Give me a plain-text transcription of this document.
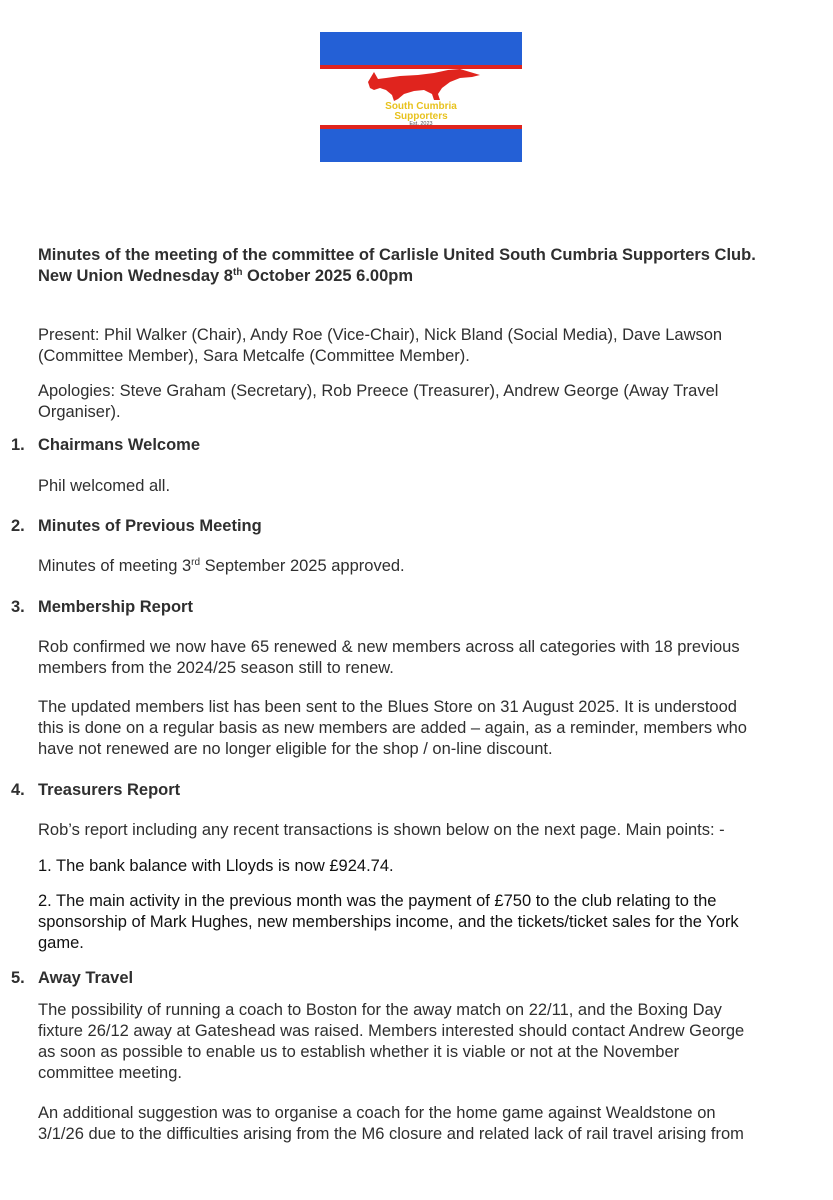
South Cumbria
Supporters
Est. 2023
Minutes of the meeting of the committee of Carlisle United South Cumbria Supporters Club.
New Union Wednesday 8th October 2025 6.00pm
Present: Phil Walker (Chair), Andy Roe (Vice-Chair), Nick Bland (Social Media), Dave Lawson
(Committee Member), Sara Metcalfe (Committee Member).
Apologies: Steve Graham (Secretary), Rob Preece (Treasurer), Andrew George (Away Travel
Organiser).
1. Chairmans Welcome
Phil welcomed all.
2. Minutes of Previous Meeting
Minutes of meeting 3rd September 2025 approved.
3. Membership Report
Rob confirmed we now have 65 renewed & new members across all categories with 18 previous
members from the 2024/25 season still to renew.
The updated members list has been sent to the Blues Store on 31 August 2025. It is understood
this is done on a regular basis as new members are added – again, as a reminder, members who
have not renewed are no longer eligible for the shop / on-line discount.
4. Treasurers Report
Rob’s report including any recent transactions is shown below on the next page. Main points: -
1. The bank balance with Lloyds is now £924.74.
2. The main activity in the previous month was the payment of £750 to the club relating to the
sponsorship of Mark Hughes, new memberships income, and the tickets/ticket sales for the York
game.
5. Away Travel
The possibility of running a coach to Boston for the away match on 22/11, and the Boxing Day
fixture 26/12 away at Gateshead was raised. Members interested should contact Andrew George
as soon as possible to enable us to establish whether it is viable or not at the November
committee meeting.
An additional suggestion was to organise a coach for the home game against Wealdstone on
3/1/26 due to the difficulties arising from the M6 closure and related lack of rail travel arising from
